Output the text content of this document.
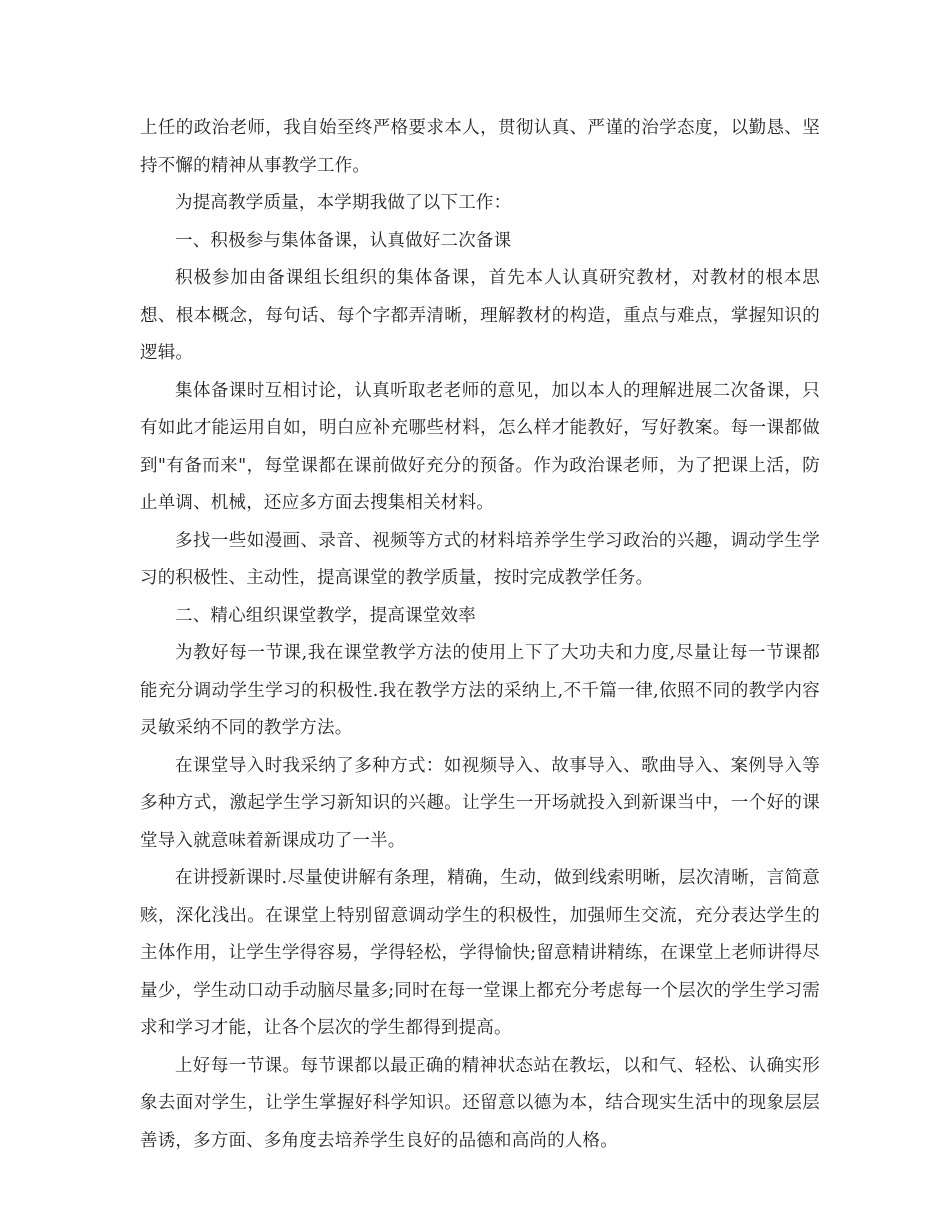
上任的政治老师，我自始至终严格要求本人，贯彻认真、严谨的治学态度，以勤恳、坚持不懈的精神从事教学工作。

为提高教学质量，本学期我做了以下工作：

一、积极参与集体备课，认真做好二次备课

积极参加由备课组长组织的集体备课，首先本人认真研究教材，对教材的根本思想、根本概念，每句话、每个字都弄清晰，理解教材的构造，重点与难点，掌握知识的逻辑。

集体备课时互相讨论，认真听取老老师的意见，加以本人的理解进展二次备课，只有如此才能运用自如，明白应补充哪些材料，怎么样才能教好，写好教案。每一课都做到"有备而来"，每堂课都在课前做好充分的预备。作为政治课老师，为了把课上活，防止单调、机械，还应多方面去搜集相关材料。

多找一些如漫画、录音、视频等方式的材料培养学生学习政治的兴趣，调动学生学习的积极性、主动性，提高课堂的教学质量，按时完成教学任务。

二、精心组织课堂教学，提高课堂效率

为教好每一节课,我在课堂教学方法的使用上下了大功夫和力度,尽量让每一节课都能充分调动学生学习的积极性.我在教学方法的采纳上,不千篇一律,依照不同的教学内容灵敏采纳不同的教学方法。

在课堂导入时我采纳了多种方式：如视频导入、故事导入、歌曲导入、案例导入等多种方式，激起学生学习新知识的兴趣。让学生一开场就投入到新课当中，一个好的课堂导入就意味着新课成功了一半。

在讲授新课时.尽量使讲解有条理，精确，生动，做到线索明晰，层次清晰，言简意赅，深化浅出。在课堂上特别留意调动学生的积极性，加强师生交流，充分表达学生的主体作用，让学生学得容易，学得轻松，学得愉快;留意精讲精练，在课堂上老师讲得尽量少，学生动口动手动脑尽量多;同时在每一堂课上都充分考虑每一个层次的学生学习需求和学习才能，让各个层次的学生都得到提高。

上好每一节课。每节课都以最正确的精神状态站在教坛，以和气、轻松、认确实形象去面对学生，让学生掌握好科学知识。还留意以德为本，结合现实生活中的现象层层善诱，多方面、多角度去培养学生良好的品德和高尚的人格。
